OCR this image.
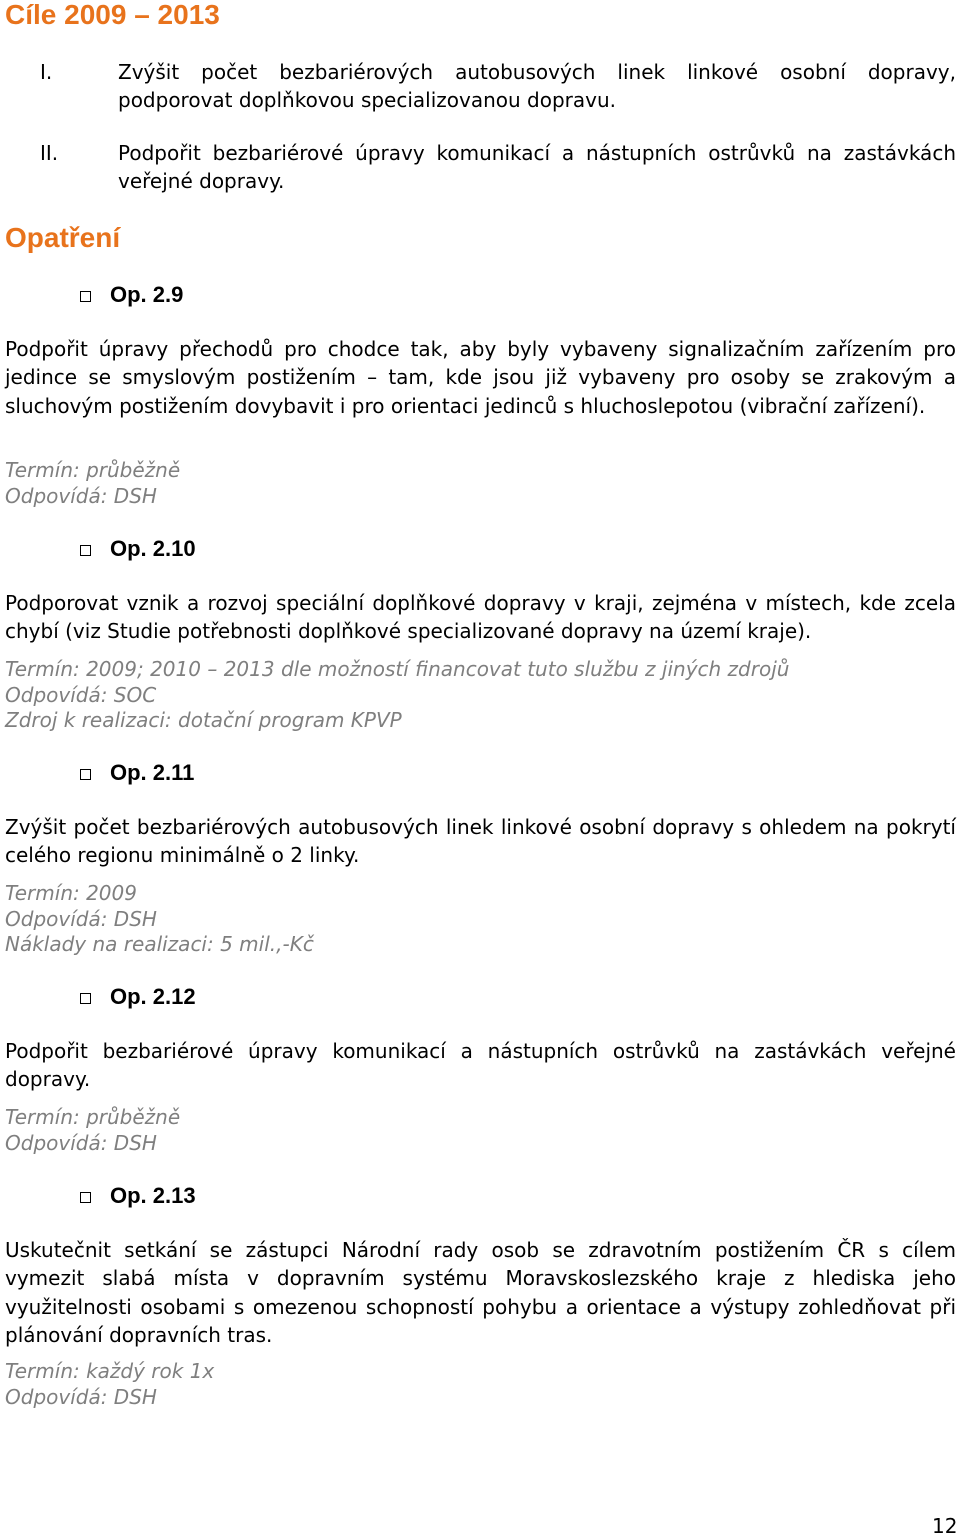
Cíle 2009 – 2013
I.	Zvýšit počet bezbariérových autobusových linek linkové osobní dopravy, podporovat doplňkovou specializovanou dopravu.
II.	Podpořit bezbariérové úpravy komunikací a nástupních ostrůvků na zastávkách veřejné dopravy.
Opatření
Op. 2.9
Podpořit úpravy přechodů pro chodce tak, aby byly vybaveny signalizačním zařízením pro jedince se smyslovým postižením – tam, kde jsou již vybaveny pro osoby se zrakovým a sluchovým postižením dovybavit i pro orientaci jedinců s hluchoslepotou (vibrační zařízení).
Termín: průběžně
Odpovídá: DSH
Op. 2.10
Podporovat vznik a rozvoj speciální doplňkové dopravy v kraji, zejména v místech, kde zcela chybí (viz Studie potřebnosti doplňkové specializované dopravy na území kraje).
Termín: 2009; 2010 – 2013 dle možností financovat tuto službu z jiných zdrojů
Odpovídá: SOC
Zdroj k realizaci: dotační program KPVP
Op. 2.11
Zvýšit počet bezbariérových autobusových linek linkové osobní dopravy s ohledem na pokrytí celého regionu minimálně o 2 linky.
Termín: 2009
Odpovídá: DSH
Náklady na realizaci: 5 mil.,-Kč
Op. 2.12
Podpořit bezbariérové úpravy komunikací a nástupních ostrůvků na zastávkách veřejné dopravy.
Termín: průběžně
Odpovídá: DSH
Op. 2.13
Uskutečnit setkání se zástupci Národní rady osob se zdravotním postižením ČR s cílem vymezit slabá místa v dopravním systému Moravskoslezského kraje z hlediska jeho využitelnosti osobami s omezenou schopností pohybu a orientace a výstupy zohledňovat při plánování dopravních tras.
Termín: každý rok 1x
Odpovídá: DSH
12
